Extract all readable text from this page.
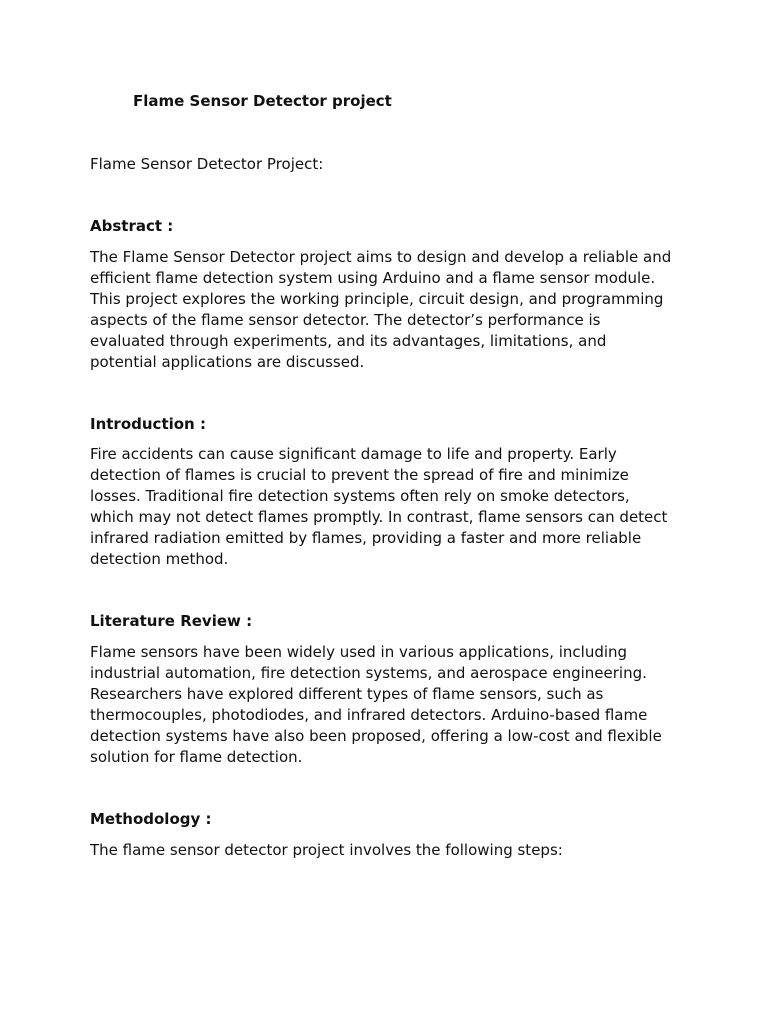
Flame Sensor Detector project

Flame Sensor Detector Project:

Abstract :
The Flame Sensor Detector project aims to design and develop a reliable and
efficient flame detection system using Arduino and a flame sensor module.
This project explores the working principle, circuit design, and programming
aspects of the flame sensor detector. The detector’s performance is
evaluated through experiments, and its advantages, limitations, and
potential applications are discussed.
Introduction :
Fire accidents can cause significant damage to life and property. Early
detection of flames is crucial to prevent the spread of fire and minimize
losses. Traditional fire detection systems often rely on smoke detectors,
which may not detect flames promptly. In contrast, flame sensors can detect
infrared radiation emitted by flames, providing a faster and more reliable
detection method.
Literature Review :
Flame sensors have been widely used in various applications, including
industrial automation, fire detection systems, and aerospace engineering.
Researchers have explored different types of flame sensors, such as
thermocouples, photodiodes, and infrared detectors. Arduino-based flame
detection systems have also been proposed, offering a low-cost and flexible
solution for flame detection.
Methodology :
The flame sensor detector project involves the following steps:
